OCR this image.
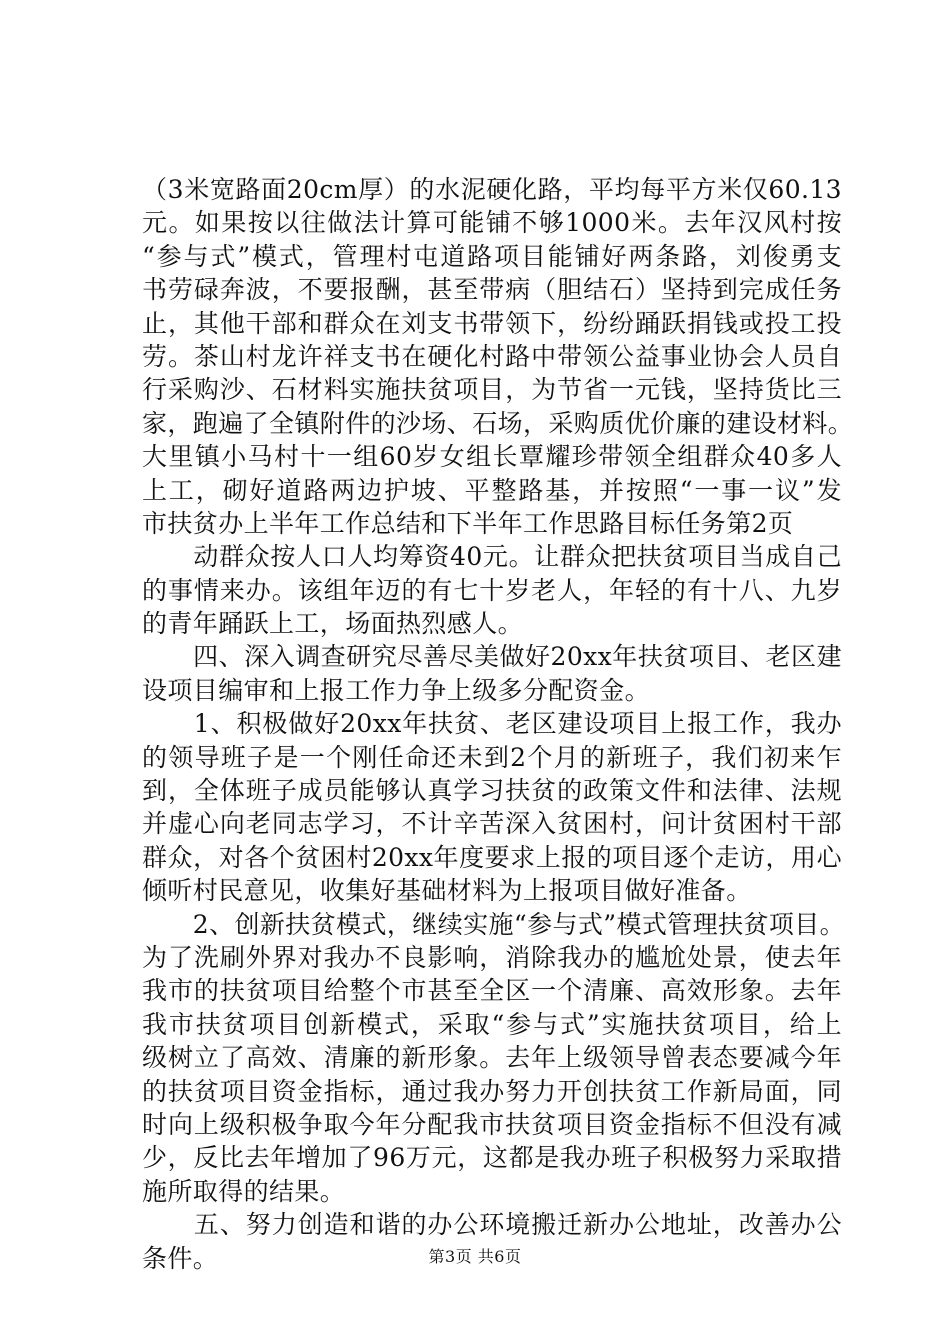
（3米宽路面20cm厚）的水泥硬化路，平均每平方米仅60.13
元。如果按以往做法计算可能铺不够1000米。去年汉风村按
“参与式”模式，管理村屯道路项目能铺好两条路，刘俊勇支
书劳碌奔波，不要报酬，甚至带病（胆结石）坚持到完成任务
止，其他干部和群众在刘支书带领下，纷纷踊跃捐钱或投工投
劳。茶山村龙许祥支书在硬化村路中带领公益事业协会人员自
行采购沙、石材料实施扶贫项目，为节省一元钱，坚持货比三
家，跑遍了全镇附件的沙场、石场，采购质优价廉的建设材料。
大里镇小马村十一组60岁女组长覃耀珍带领全组群众40多人
上工，砌好道路两边护坡、平整路基，并按照“一事一议”发
市扶贫办上半年工作总结和下半年工作思路目标任务第2页
　　动群众按人口人均筹资40元。让群众把扶贫项目当成自己
的事情来办。该组年迈的有七十岁老人，年轻的有十八、九岁
的青年踊跃上工，场面热烈感人。
　　四、深入调查研究尽善尽美做好20xx年扶贫项目、老区建
设项目编审和上报工作力争上级多分配资金。
　　1、积极做好20xx年扶贫、老区建设项目上报工作，我办
的领导班子是一个刚任命还未到2个月的新班子，我们初来乍
到，全体班子成员能够认真学习扶贫的政策文件和法律、法规
并虚心向老同志学习，不计辛苦深入贫困村，问计贫困村干部
群众，对各个贫困村20xx年度要求上报的项目逐个走访，用心
倾听村民意见，收集好基础材料为上报项目做好准备。
　　2、创新扶贫模式，继续实施“参与式”模式管理扶贫项目。
为了洗刷外界对我办不良影响，消除我办的尴尬处景，使去年
我市的扶贫项目给整个市甚至全区一个清廉、高效形象。去年
我市扶贫项目创新模式，采取“参与式”实施扶贫项目，给上
级树立了高效、清廉的新形象。去年上级领导曾表态要减今年
的扶贫项目资金指标，通过我办努力开创扶贫工作新局面，同
时向上级积极争取今年分配我市扶贫项目资金指标不但没有减
少，反比去年增加了96万元，这都是我办班子积极努力采取措
施所取得的结果。
　　五、努力创造和谐的办公环境搬迁新办公地址，改善办公
条件。	第3页 共6页
